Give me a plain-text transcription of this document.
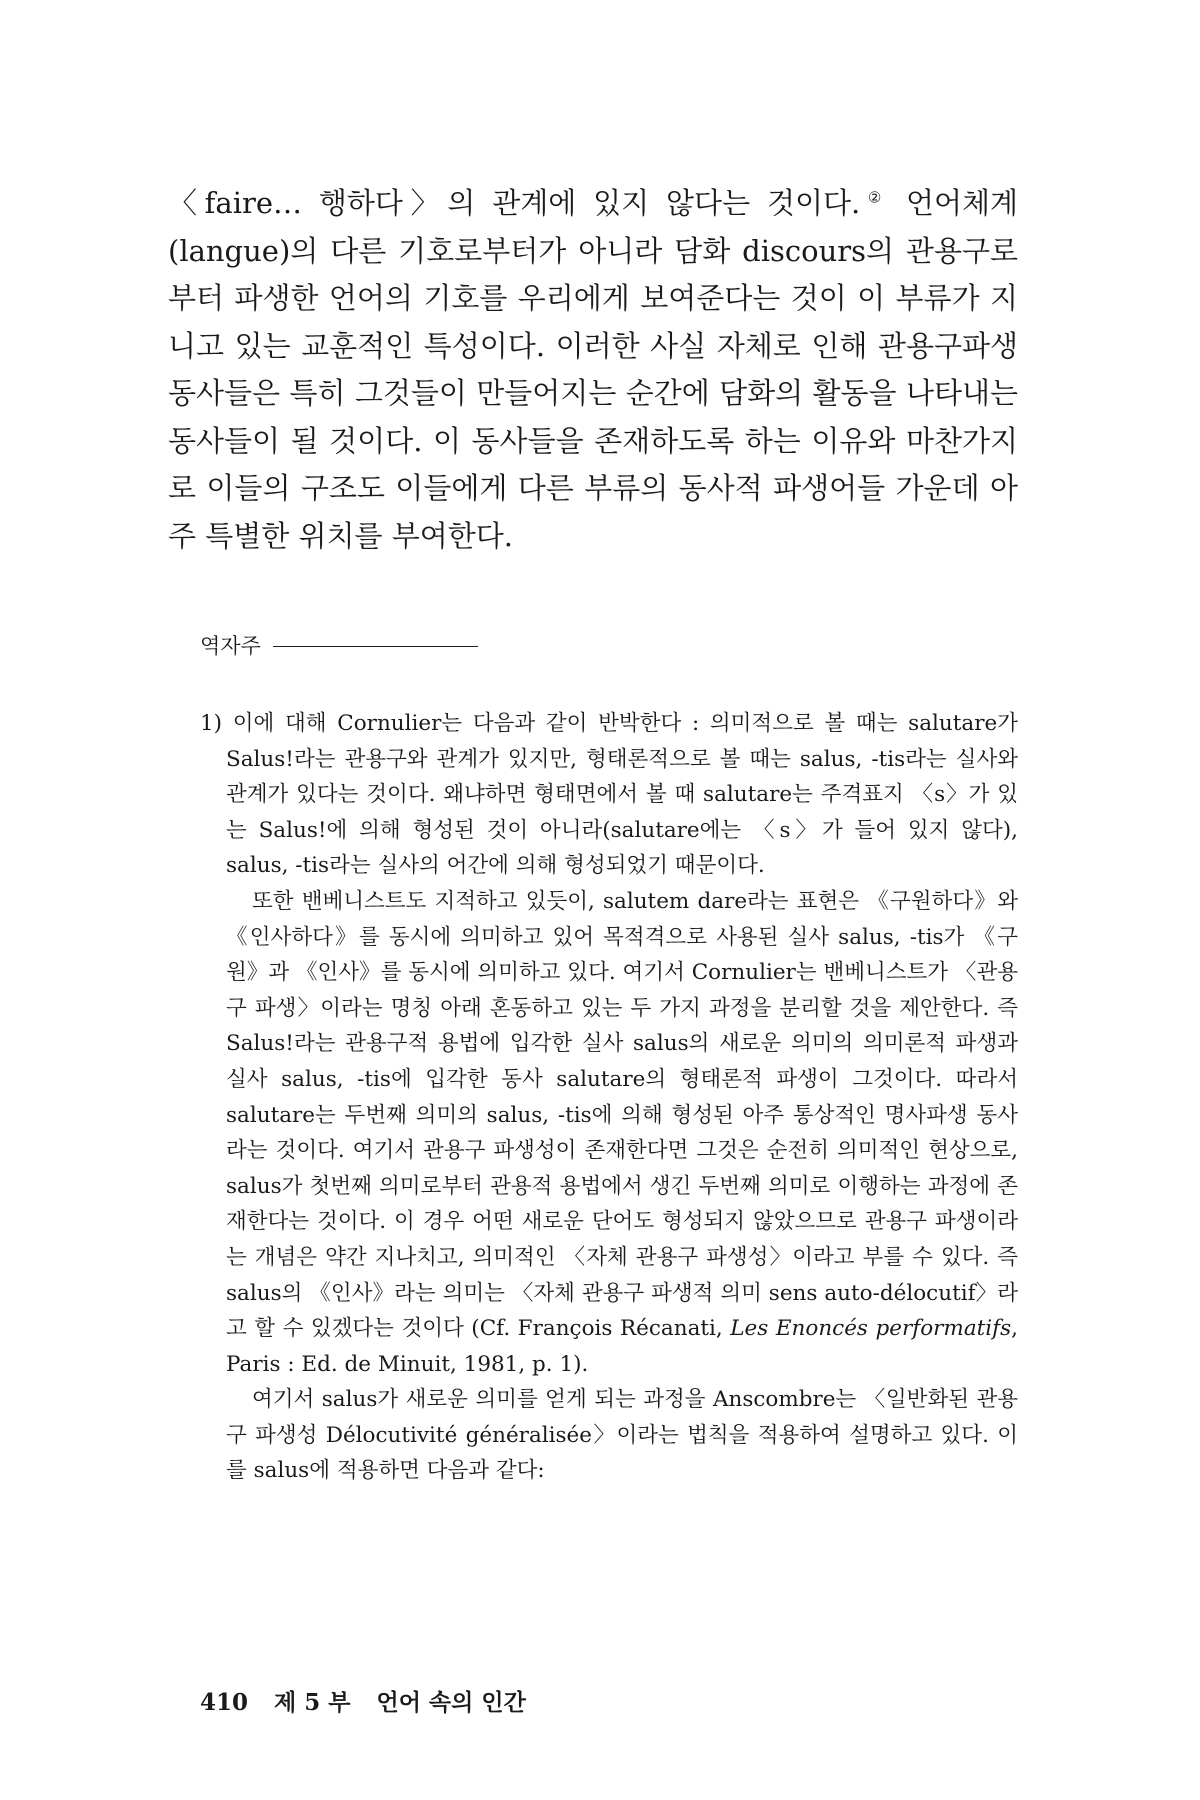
〈faire… 행하다〉의 관계에 있지 않다는 것이다.② 언어체계(langue)의 다른 기호로부터가 아니라 담화 discours의 관용구로부터 파생한 언어의 기호를 우리에게 보여준다는 것이 이 부류가 지니고 있는 교훈적인 특성이다. 이러한 사실 자체로 인해 관용구파생동사들은 특히 그것들이 만들어지는 순간에 담화의 활동을 나타내는 동사들이 될 것이다. 이 동사들을 존재하도록 하는 이유와 마찬가지로 이들의 구조도 이들에게 다른 부류의 동사적 파생어들 가운데 아주 특별한 위치를 부여한다.

역자주

1) 이에 대해 Cornulier는 다음과 같이 반박한다 : 의미적으로 볼 때는 salutare가 Salus!라는 관용구와 관계가 있지만, 형태론적으로 볼 때는 salus, -tis라는 실사와 관계가 있다는 것이다. 왜냐하면 형태면에서 볼 때 salutare는 주격표지 〈s〉가 있는 Salus!에 의해 형성된 것이 아니라(salutare에는 〈s〉가 들어 있지 않다), salus, -tis라는 실사의 어간에 의해 형성되었기 때문이다.

또한 밴베니스트도 지적하고 있듯이, salutem dare라는 표현은 《구원하다》와 《인사하다》를 동시에 의미하고 있어 목적격으로 사용된 실사 salus, -tis가 《구원》과 《인사》를 동시에 의미하고 있다. 여기서 Cornulier는 밴베니스트가 〈관용구 파생〉이라는 명칭 아래 혼동하고 있는 두 가지 과정을 분리할 것을 제안한다. 즉 Salus!라는 관용구적 용법에 입각한 실사 salus의 새로운 의미의 의미론적 파생과 실사 salus, -tis에 입각한 동사 salutare의 형태론적 파생이 그것이다. 따라서 salutare는 두번째 의미의 salus, -tis에 의해 형성된 아주 통상적인 명사파생 동사라는 것이다. 여기서 관용구 파생성이 존재한다면 그것은 순전히 의미적인 현상으로, salus가 첫번째 의미로부터 관용적 용법에서 생긴 두번째 의미로 이행하는 과정에 존재한다는 것이다. 이 경우 어떤 새로운 단어도 형성되지 않았으므로 관용구 파생이라는 개념은 약간 지나치고, 의미적인 〈자체 관용구 파생성〉이라고 부를 수 있다. 즉 salus의 《인사》라는 의미는 〈자체 관용구 파생적 의미 sens auto-délocutif〉라고 할 수 있겠다는 것이다 (Cf. François Récanati, Les Enoncés performatifs, Paris : Ed. de Minuit, 1981, p. 1).

여기서 salus가 새로운 의미를 얻게 되는 과정을 Anscombre는 〈일반화된 관용구 파생성 Délocutivité généralisée〉이라는 법칙을 적용하여 설명하고 있다. 이를 salus에 적용하면 다음과 같다:

410 제 5 부 언어 속의 인간
